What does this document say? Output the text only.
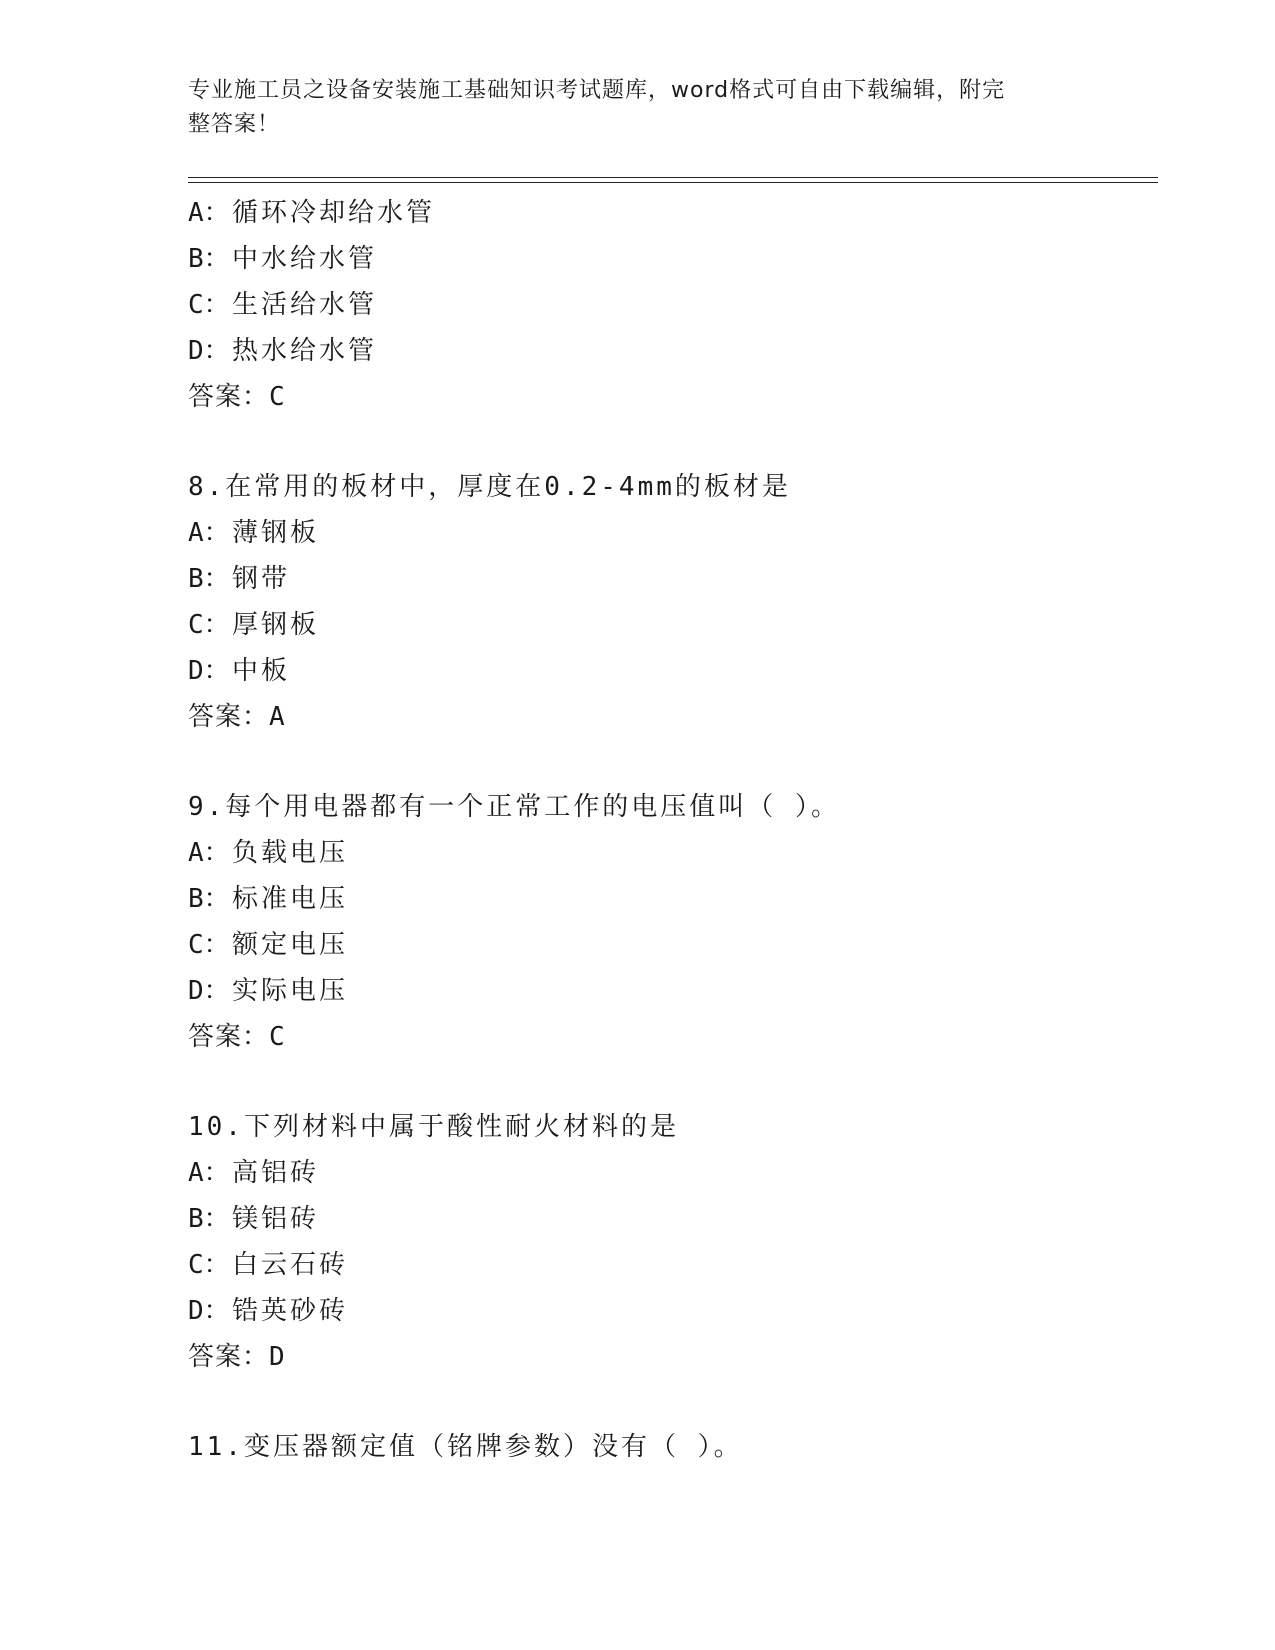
专业施工员之设备安装施工基础知识考试题库，word格式可自由下载编辑，附完
整答案！
A：循环冷却给水管
B：中水给水管
C：生活给水管
D：热水给水管
答案：C
8.在常用的板材中，厚度在0.2-4mm的板材是
A：薄钢板
B：钢带
C：厚钢板
D：中板
答案：A
9.每个用电器都有一个正常工作的电压值叫（ ）。
A：负载电压
B：标准电压
C：额定电压
D：实际电压
答案：C
10.下列材料中属于酸性耐火材料的是
A：高铝砖
B：镁铝砖
C：白云石砖
D：锆英砂砖
答案：D
11.变压器额定值（铭牌参数）没有（ ）。
